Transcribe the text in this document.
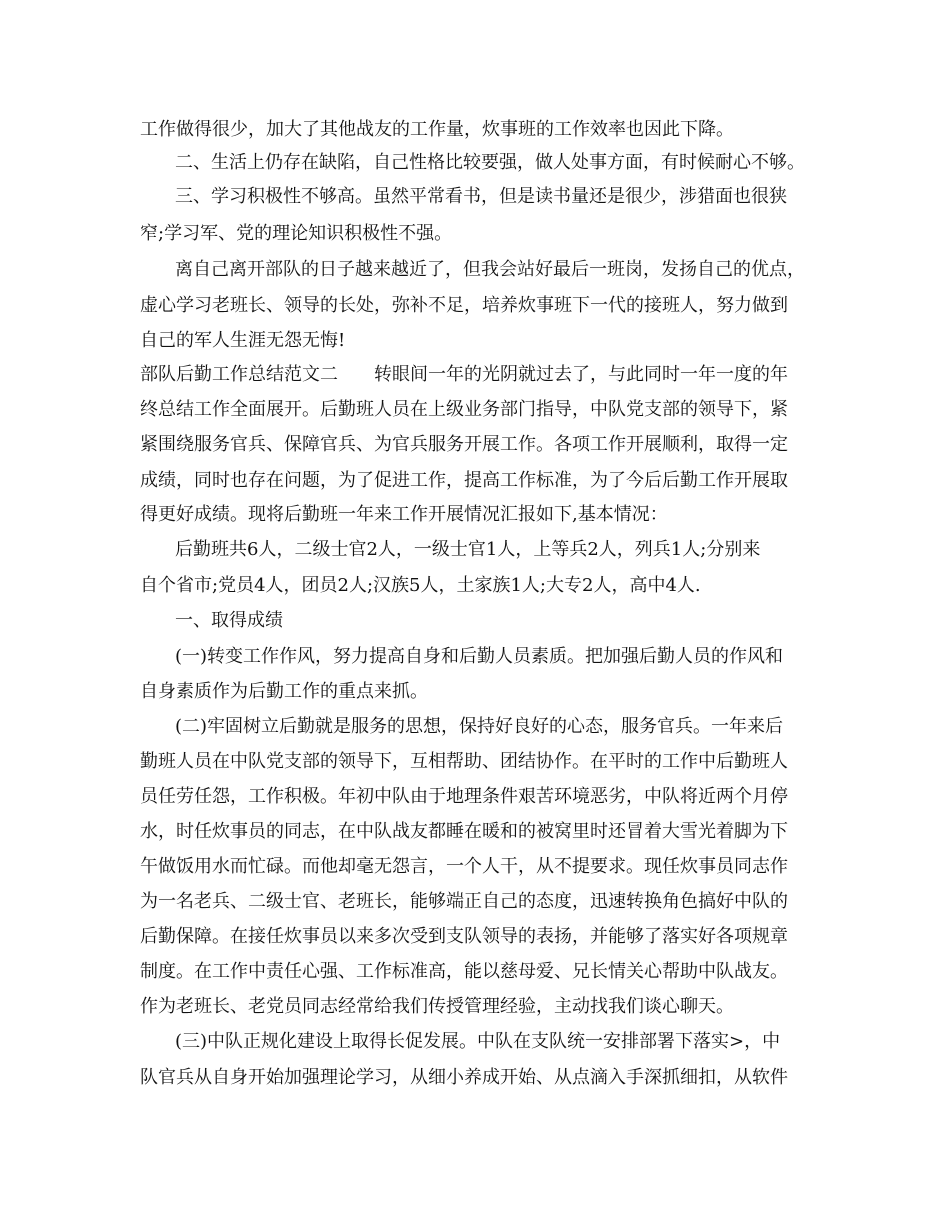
工作做得很少，加大了其他战友的工作量，炊事班的工作效率也因此下降。
二、生活上仍存在缺陷，自己性格比较要强，做人处事方面，有时候耐心不够。
三、学习积极性不够高。虽然平常看书，但是读书量还是很少，涉猎面也很狭
窄;学习军、党的理论知识积极性不强。
离自己离开部队的日子越来越近了，但我会站好最后一班岗，发扬自己的优点，
虚心学习老班长、领导的长处，弥补不足，培养炊事班下一代的接班人，努力做到
自己的军人生涯无怨无悔!
部队后勤工作总结范文二　　转眼间一年的光阴就过去了，与此同时一年一度的年
终总结工作全面展开。后勤班人员在上级业务部门指导，中队党支部的领导下，紧
紧围绕服务官兵、保障官兵、为官兵服务开展工作。各项工作开展顺利，取得一定
成绩，同时也存在问题，为了促进工作，提高工作标准，为了今后后勤工作开展取
得更好成绩。现将后勤班一年来工作开展情况汇报如下,基本情况：
后勤班共6人，二级士官2人，一级士官1人，上等兵2人，列兵1人;分别来
自个省市;党员4人，团员2人;汉族5人，土家族1人;大专2人，高中4人.
一、取得成绩
(一)转变工作作风，努力提高自身和后勤人员素质。把加强后勤人员的作风和
自身素质作为后勤工作的重点来抓。
(二)牢固树立后勤就是服务的思想，保持好良好的心态，服务官兵。一年来后
勤班人员在中队党支部的领导下，互相帮助、团结协作。在平时的工作中后勤班人
员任劳任怨，工作积极。年初中队由于地理条件艰苦环境恶劣，中队将近两个月停
水，时任炊事员的同志，在中队战友都睡在暖和的被窝里时还冒着大雪光着脚为下
午做饭用水而忙碌。而他却毫无怨言，一个人干，从不提要求。现任炊事员同志作
为一名老兵、二级士官、老班长，能够端正自己的态度，迅速转换角色搞好中队的
后勤保障。在接任炊事员以来多次受到支队领导的表扬，并能够了落实好各项规章
制度。在工作中责任心强、工作标准高，能以慈母爱、兄长情关心帮助中队战友。
作为老班长、老党员同志经常给我们传授管理经验，主动找我们谈心聊天。
(三)中队正规化建设上取得长促发展。中队在支队统一安排部署下落实>，中
队官兵从自身开始加强理论学习，从细小养成开始、从点滴入手深抓细扣，从软件
